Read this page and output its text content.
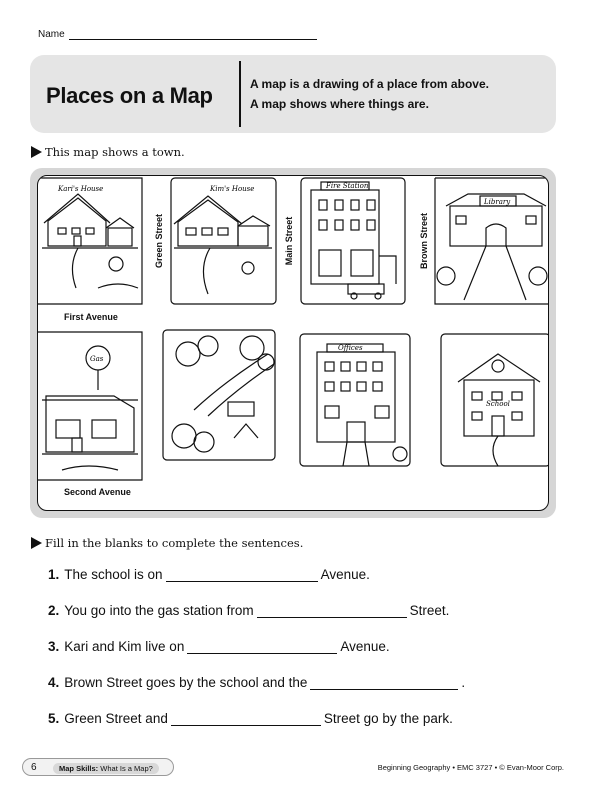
Name
Places on a Map	A map is a drawing of a place from above.
A map shows where things are.
This map shows a town.
Kari's House	Kim's House	Fire Station
Library
Gas
Offices
School
Green Street	Main Street	Brown Street
First Avenue
Second Avenue
Fill in the blanks to complete the sentences.
1. The school is on	Avenue.
2. You go into the gas station from	Street.
3. Kari and Kim live on	Avenue.
4. Brown Street goes by the school and the	.
5. Green Street and	Street go by the park.
6	Map Skills: What Is a Map?	Beginning Geography • EMC 3727 • © Evan-Moor Corp.
